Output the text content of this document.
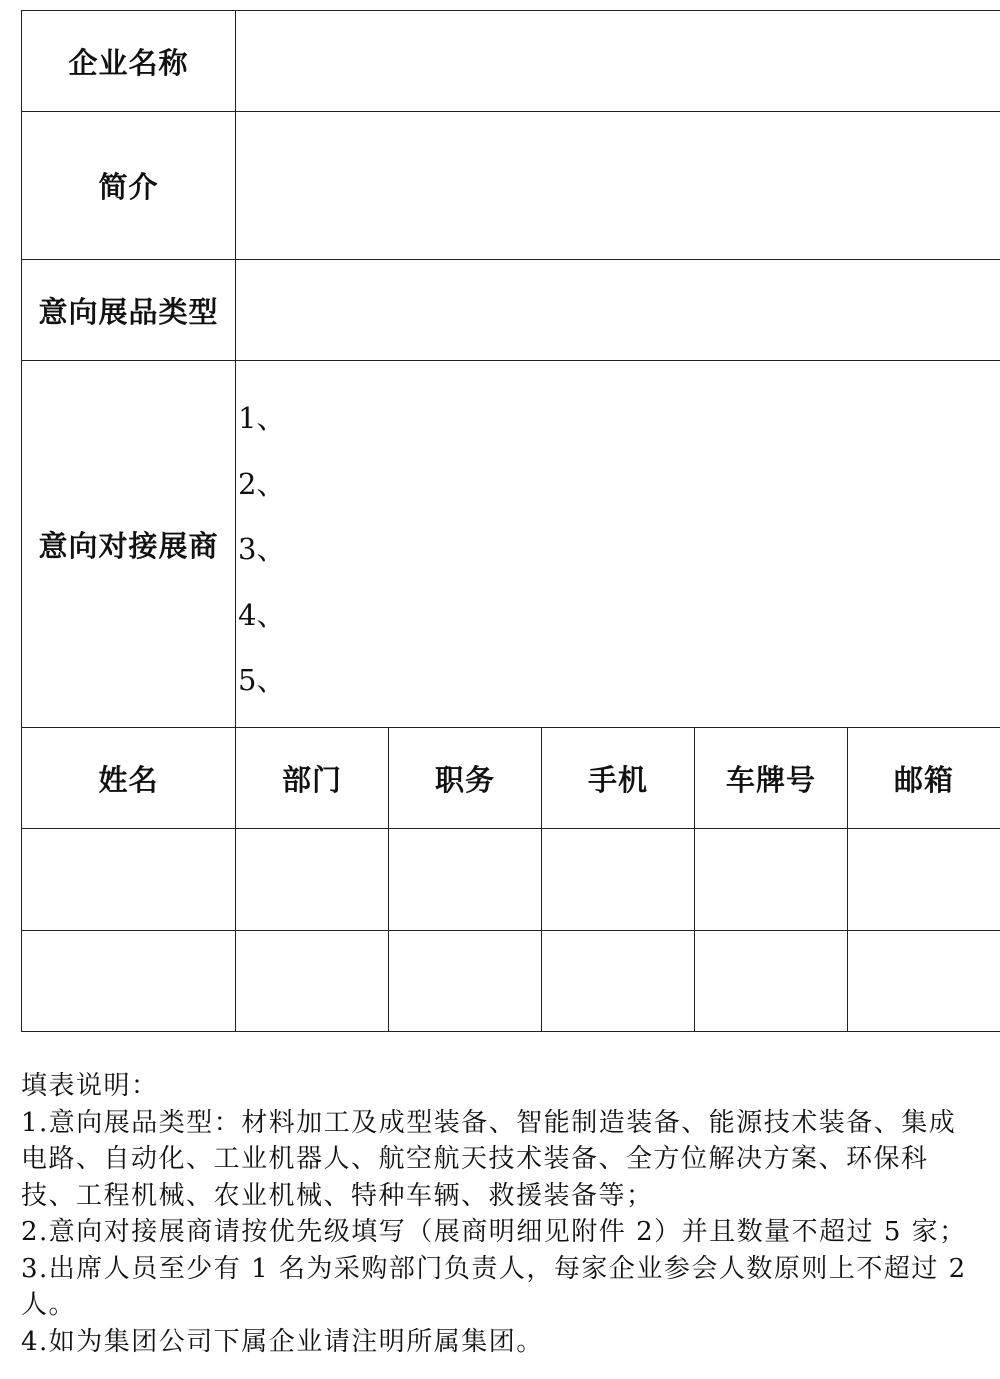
企业名称					
简介					
意向展品类型					
意向对接展商	1、
2、
3、
4、
5、				

姓名	部门	职务	手机	车牌号	邮箱

填表说明：

1.意向展品类型：材料加工及成型装备、智能制造装备、能源技术装备、集成

电路、自动化、工业机器人、航空航天技术装备、全方位解决方案、环保科

技、工程机械、农业机械、特种车辆、救援装备等；

2.意向对接展商请按优先级填写（展商明细见附件 2）并且数量不超过 5 家；

3.出席人员至少有 1 名为采购部门负责人，每家企业参会人数原则上不超过 2

人。

4.如为集团公司下属企业请注明所属集团。
